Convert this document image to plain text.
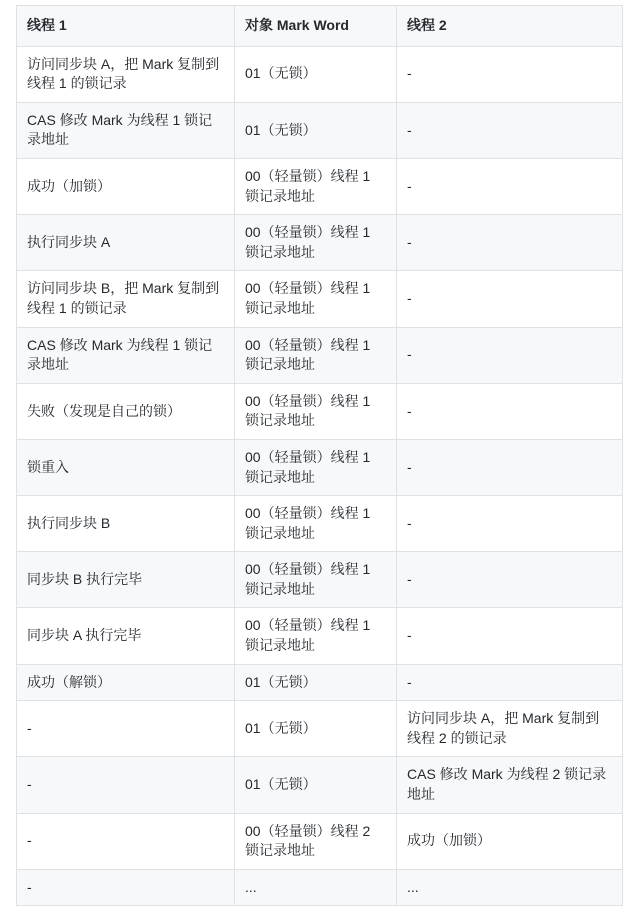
线程 1	对象 Mark Word	线程 2
访问同步块 A，把 Mark 复制到线程 1 的锁记录	01（无锁）	-
CAS 修改 Mark 为线程 1 锁记录地址	01（无锁）	-
成功（加锁）	00（轻量锁）线程 1 锁记录地址	-
执行同步块 A	00（轻量锁）线程 1 锁记录地址	-
访问同步块 B，把 Mark 复制到线程 1 的锁记录	00（轻量锁）线程 1 锁记录地址	-
CAS 修改 Mark 为线程 1 锁记录地址	00（轻量锁）线程 1 锁记录地址	-
失败（发现是自己的锁）	00（轻量锁）线程 1 锁记录地址	-
锁重入	00（轻量锁）线程 1 锁记录地址	-
执行同步块 B	00（轻量锁）线程 1 锁记录地址	-
同步块 B 执行完毕	00（轻量锁）线程 1 锁记录地址	-
同步块 A 执行完毕	00（轻量锁）线程 1 锁记录地址	-
成功（解锁）	01（无锁）	-
-	01（无锁）	访问同步块 A，把 Mark 复制到线程 2 的锁记录
-	01（无锁）	CAS 修改 Mark 为线程 2 锁记录地址
-	00（轻量锁）线程 2 锁记录地址	成功（加锁）
-	...	...
